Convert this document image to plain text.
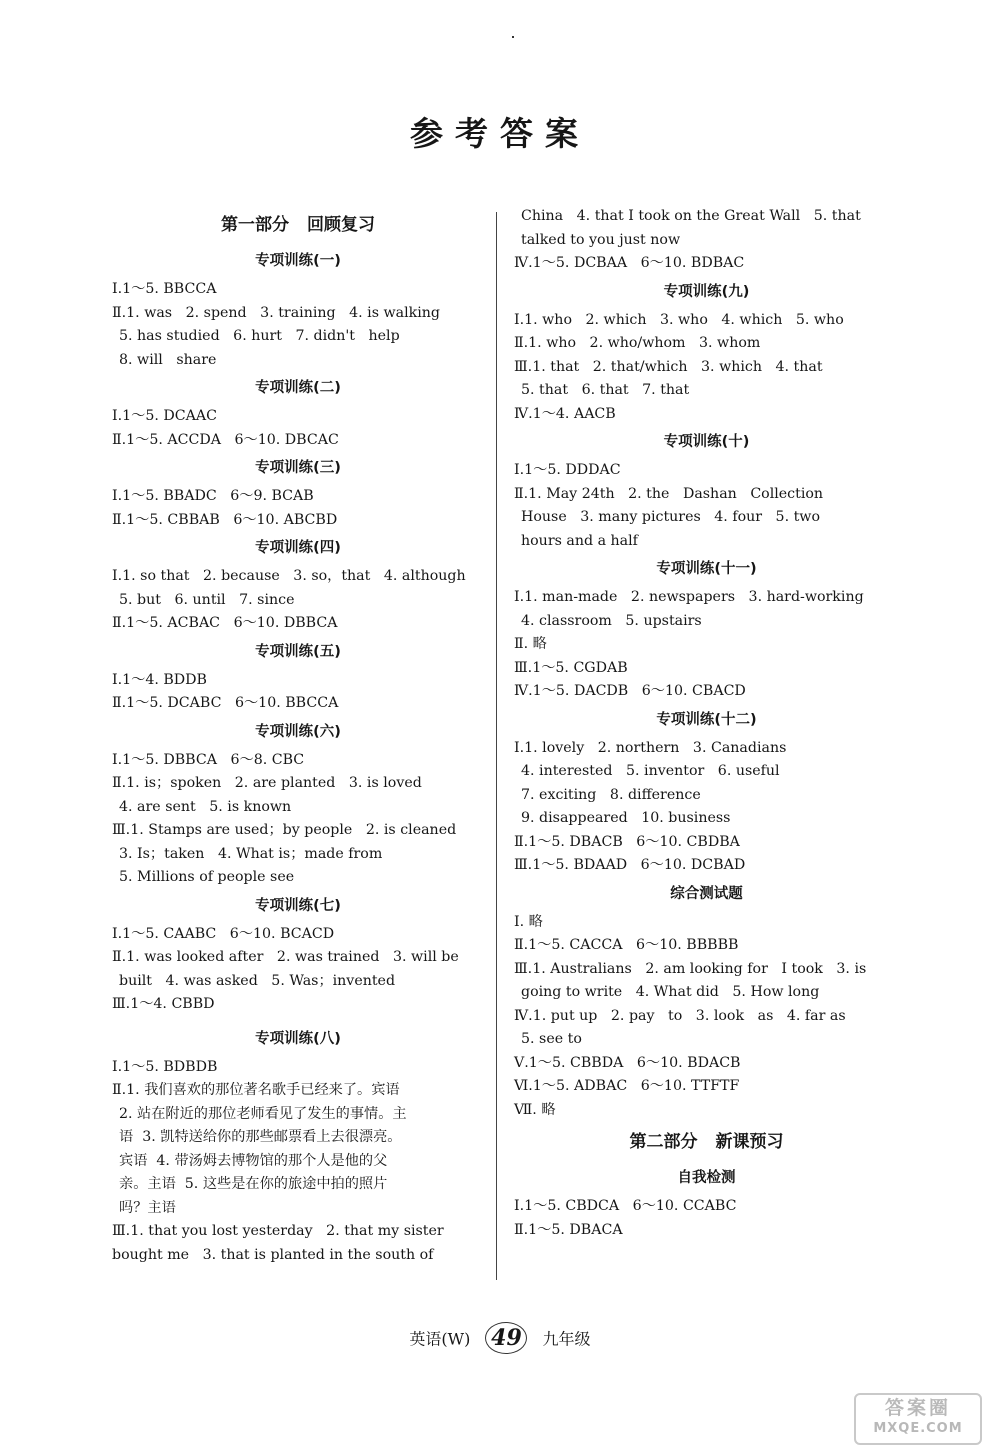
参考答案
第一部分 回顾复习
专项训练(一)
Ⅰ.1～5. BBCCA
Ⅱ.1. was   2. spend   3. training   4. is walking
5. has studied   6. hurt   7. didn't   help
8. will   share
专项训练(二)
Ⅰ.1～5. DCAAC
Ⅱ.1～5. ACCDA   6～10. DBCAC
专项训练(三)
Ⅰ.1～5. BBADC   6～9. BCAB
Ⅱ.1～5. CBBAB   6～10. ABCBD
专项训练(四)
Ⅰ.1. so that   2. because   3. so，that   4. although
5. but   6. until   7. since
Ⅱ.1～5. ACBAC   6～10. DBBCA
专项训练(五)
Ⅰ.1～4. BDDB
Ⅱ.1～5. DCABC   6～10. BBCCA
专项训练(六)
Ⅰ.1～5. DBBCA   6～8. CBC
Ⅱ.1. is；spoken   2. are planted   3. is loved
4. are sent   5. is known
Ⅲ.1. Stamps are used；by people   2. is cleaned
3. Is；taken   4. What is；made from
5. Millions of people see
专项训练(七)
Ⅰ.1～5. CAABC   6～10. BCACD
Ⅱ.1. was looked after   2. was trained   3. will be
built   4. was asked   5. Was；invented
Ⅲ.1～4. CBBD
专项训练(八)
Ⅰ.1～5. BDBDB
Ⅱ.1. 我们喜欢的那位著名歌手已经来了。宾语
2. 站在附近的那位老师看见了发生的事情。主
语  3. 凯特送给你的那些邮票看上去很漂亮。
宾语  4. 带汤姆去博物馆的那个人是他的父
亲。主语  5. 这些是在你的旅途中拍的照片
吗？主语
Ⅲ.1. that you lost yesterday   2. that my sister
bought me   3. that is planted in the south of
China   4. that I took on the Great Wall   5. that
talked to you just now
Ⅳ.1～5. DCBAA   6～10. BDBAC
专项训练(九)
Ⅰ.1. who   2. which   3. who   4. which   5. who
Ⅱ.1. who   2. who/whom   3. whom
Ⅲ.1. that   2. that/which   3. which   4. that
5. that   6. that   7. that
Ⅳ.1～4. AACB
专项训练(十)
Ⅰ.1～5. DDDAC
Ⅱ.1. May 24th   2. the   Dashan   Collection
House   3. many pictures   4. four   5. two
hours and a half
专项训练(十一)
Ⅰ.1. man-made   2. newspapers   3. hard-working
4. classroom   5. upstairs
Ⅱ. 略
Ⅲ.1～5. CGDAB
Ⅳ.1～5. DACDB   6～10. CBACD
专项训练(十二)
Ⅰ.1. lovely   2. northern   3. Canadians
4. interested   5. inventor   6. useful
7. exciting   8. difference
9. disappeared   10. business
Ⅱ.1～5. DBACB   6～10. CBDBA
Ⅲ.1～5. BDAAD   6～10. DCBAD
综合测试题
Ⅰ. 略
Ⅱ.1～5. CACCA   6～10. BBBBB
Ⅲ.1. Australians   2. am looking for   I took   3. is
going to write   4. What did   5. How long
Ⅳ.1. put up   2. pay   to   3. look   as   4. far as
5. see to
Ⅴ.1～5. CBBDA   6～10. BDACB
Ⅵ.1～5. ADBAC   6～10. TTFTF
Ⅶ. 略
第二部分 新课预习
自我检测
Ⅰ.1～5. CBDCA   6～10. CCABC
Ⅱ.1～5. DBACA
英语(W) 49 九年级
答案圈
MXQE.COM
